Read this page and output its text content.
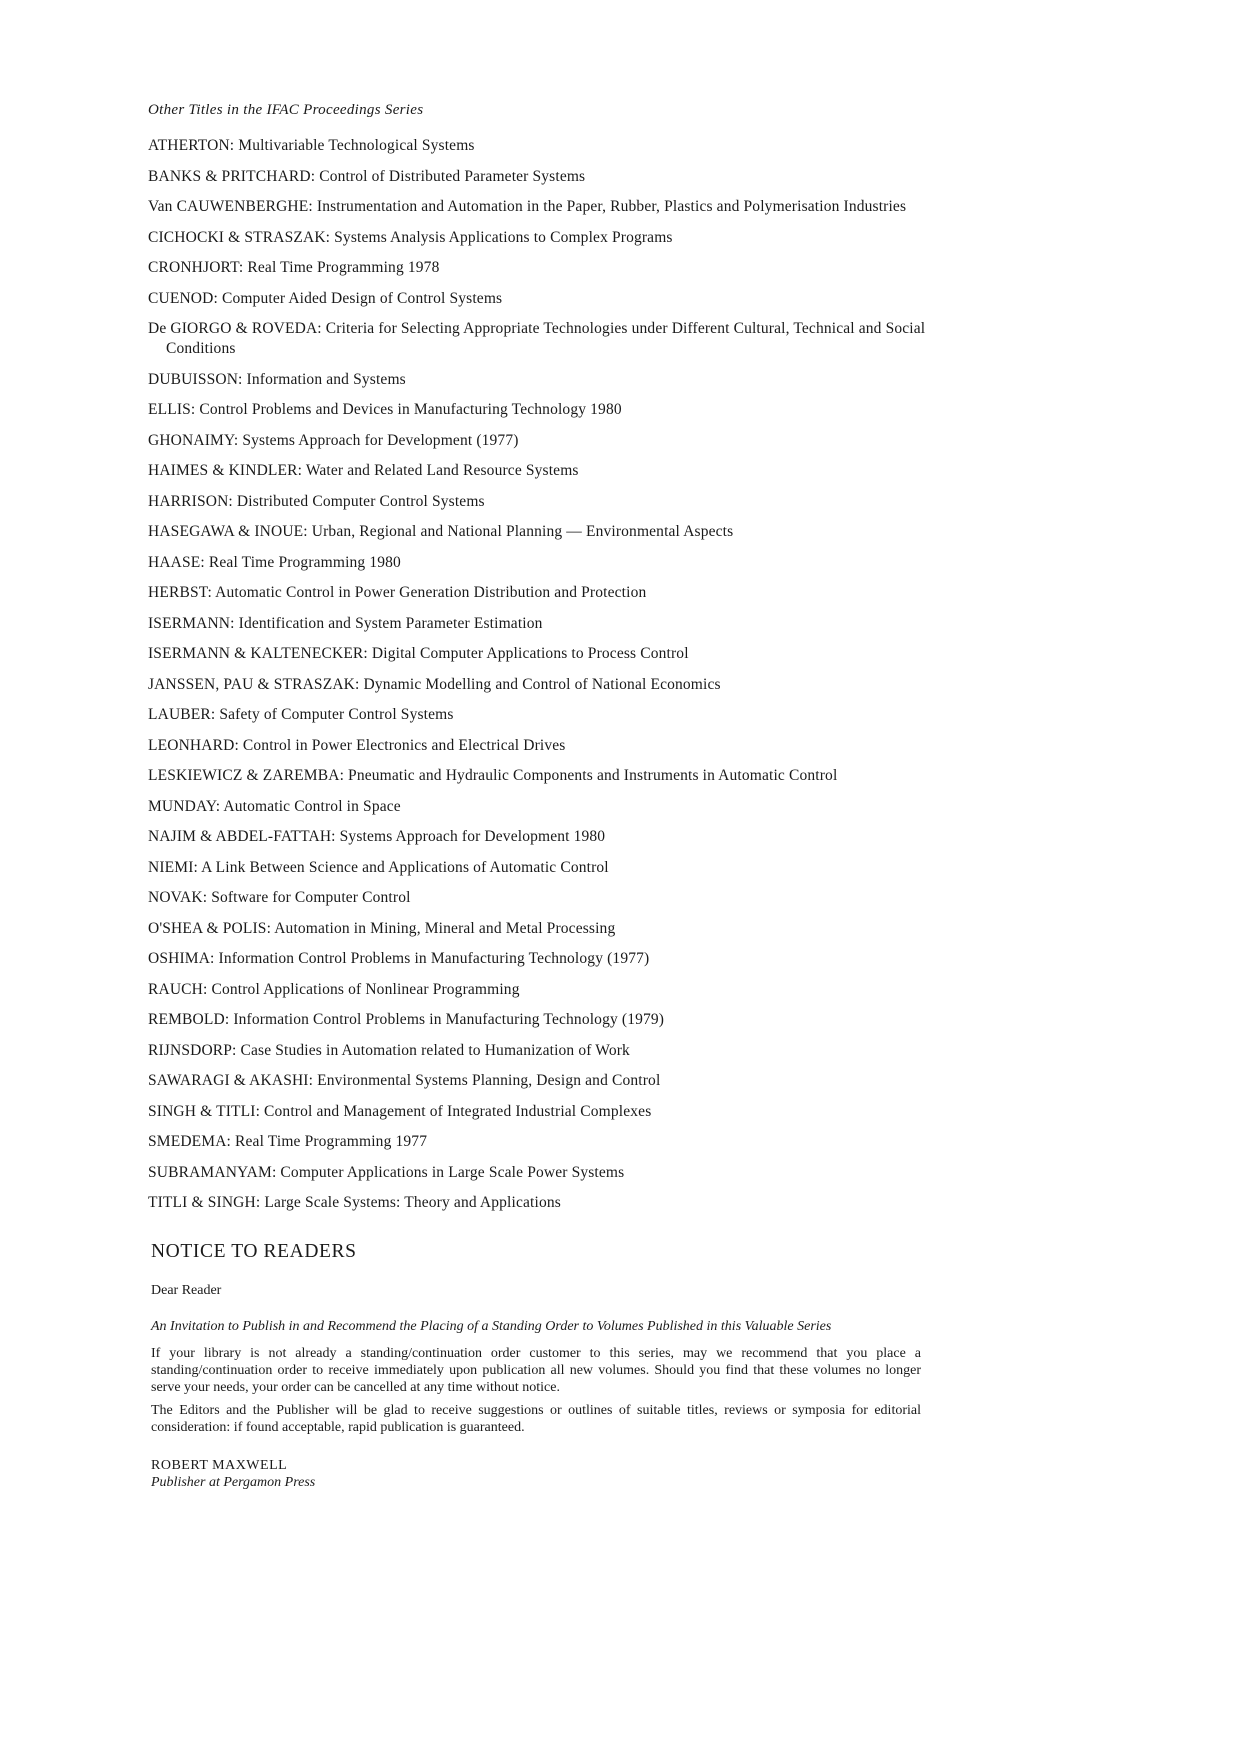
Other Titles in the IFAC Proceedings Series
ATHERTON: Multivariable Technological Systems
BANKS & PRITCHARD: Control of Distributed Parameter Systems
Van CAUWENBERGHE: Instrumentation and Automation in the Paper, Rubber, Plastics and Polymerisation Industries
CICHOCKI & STRASZAK: Systems Analysis Applications to Complex Programs
CRONHJORT: Real Time Programming 1978
CUENOD: Computer Aided Design of Control Systems
De GIORGO & ROVEDA: Criteria for Selecting Appropriate Technologies under Different Cultural, Technical and Social Conditions
DUBUISSON: Information and Systems
ELLIS: Control Problems and Devices in Manufacturing Technology 1980
GHONAIMY: Systems Approach for Development (1977)
HAIMES & KINDLER: Water and Related Land Resource Systems
HARRISON: Distributed Computer Control Systems
HASEGAWA & INOUE: Urban, Regional and National Planning — Environmental Aspects
HAASE: Real Time Programming 1980
HERBST: Automatic Control in Power Generation Distribution and Protection
ISERMANN: Identification and System Parameter Estimation
ISERMANN & KALTENECKER: Digital Computer Applications to Process Control
JANSSEN, PAU & STRASZAK: Dynamic Modelling and Control of National Economics
LAUBER: Safety of Computer Control Systems
LEONHARD: Control in Power Electronics and Electrical Drives
LESKIEWICZ & ZAREMBA: Pneumatic and Hydraulic Components and Instruments in Automatic Control
MUNDAY: Automatic Control in Space
NAJIM & ABDEL-FATTAH: Systems Approach for Development 1980
NIEMI: A Link Between Science and Applications of Automatic Control
NOVAK: Software for Computer Control
O'SHEA & POLIS: Automation in Mining, Mineral and Metal Processing
OSHIMA: Information Control Problems in Manufacturing Technology (1977)
RAUCH: Control Applications of Nonlinear Programming
REMBOLD: Information Control Problems in Manufacturing Technology (1979)
RIJNSDORP: Case Studies in Automation related to Humanization of Work
SAWARAGI & AKASHI: Environmental Systems Planning, Design and Control
SINGH & TITLI: Control and Management of Integrated Industrial Complexes
SMEDEMA: Real Time Programming 1977
SUBRAMANYAM: Computer Applications in Large Scale Power Systems
TITLI & SINGH: Large Scale Systems: Theory and Applications
NOTICE TO READERS
Dear Reader
An Invitation to Publish in and Recommend the Placing of a Standing Order to Volumes Published in this Valuable Series

If your library is not already a standing/continuation order customer to this series, may we recommend that you place a standing/continuation order to receive immediately upon publication all new volumes. Should you find that these volumes no longer serve your needs, your order can be cancelled at any time without notice.

The Editors and the Publisher will be glad to receive suggestions or outlines of suitable titles, reviews or symposia for editorial consideration: if found acceptable, rapid publication is guaranteed.

ROBERT MAXWELL
Publisher at Pergamon Press
